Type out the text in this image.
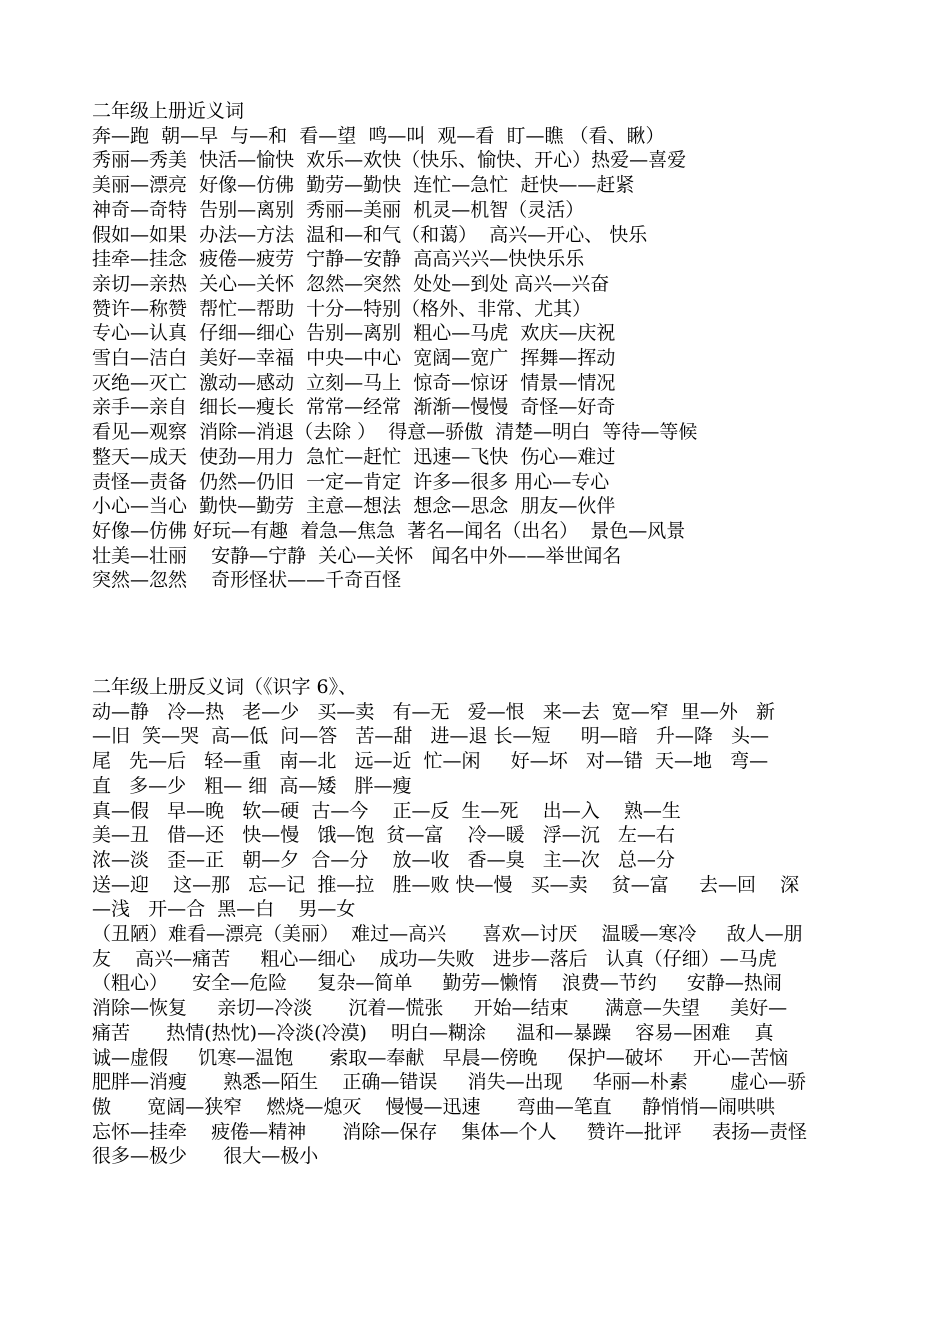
二年级上册近义词
奔—跑  朝—早  与—和  看—望  鸣—叫  观—看  盯—瞧 （看、瞅）
秀丽—秀美  快活—愉快  欢乐—欢快（快乐、愉快、开心）热爱—喜爱
美丽—漂亮  好像—仿佛  勤劳—勤快  连忙—急忙  赶快——赶紧
神奇—奇特  告别—离别  秀丽—美丽  机灵—机智（灵活）
假如—如果  办法—方法  温和—和气（和蔼）  高兴—开心、 快乐
挂牵—挂念  疲倦—疲劳  宁静—安静  高高兴兴—快快乐乐
亲切—亲热  关心—关怀  忽然—突然  处处—到处 高兴—兴奋
赞许—称赞  帮忙—帮助  十分—特别（格外、非常、尤其）
专心—认真  仔细—细心  告别—离别  粗心—马虎  欢庆—庆祝
雪白—洁白  美好—幸福  中央—中心  宽阔—宽广  挥舞—挥动
灭绝—灭亡  激动—感动  立刻—马上  惊奇—惊讶  情景—情况
亲手—亲自  细长—瘦长  常常—经常  渐渐—慢慢  奇怪—好奇
看见—观察  消除—消退（去除 ）  得意—骄傲  清楚—明白  等待—等候
整天—成天  使劲—用力  急忙—赶忙  迅速—飞快  伤心—难过
责怪—责备  仍然—仍旧  一定—肯定  许多—很多 用心—专心
小心—当心  勤快—勤劳  主意—想法  想念—思念  朋友—伙伴
好像—仿佛 好玩—有趣  着急—焦急  著名—闻名（出名）  景色—风景
壮美—壮丽    安静—宁静  关心—关怀   闻名中外——举世闻名
突然—忽然    奇形怪状——千奇百怪
二年级上册反义词（《识字 6》、
动—静   冷—热   老—少   买—卖   有—无   爱—恨   来—去  宽—窄  里—外   新
—旧  笑—哭  高—低  问—答   苦—甜   进—退 长—短     明—暗   升—降   头—
尾   先—后   轻—重   南—北   远—近  忙—闲     好—坏   对—错  天—地   弯—
直   多—少   粗— 细  高—矮   胖—瘦
真—假   早—晚   软—硬  古—今    正—反  生—死    出—入    熟—生
美—丑   借—还   快—慢   饿—饱  贫—富    冷—暖   浮—沉   左—右
浓—淡   歪—正   朝—夕  合—分    放—收   香—臭   主—次   总—分
送—迎    这—那   忘—记  推—拉   胜—败 快—慢   买—卖    贫—富     去—回    深
—浅   开—合  黑—白    男—女
（丑陋）难看—漂亮（美丽）  难过—高兴      喜欢—讨厌    温暖—寒冷     敌人—朋
友    高兴—痛苦     粗心—细心    成功—失败   进步—落后   认真（仔细）—马虎
（粗心）    安全—危险     复杂—简单     勤劳—懒惰    浪费—节约     安静—热闹
消除—恢复     亲切—冷淡      沉着—慌张     开始—结束      满意—失望     美好—
痛苦      热情(热忱)—冷淡(冷漠)    明白—糊涂     温和—暴躁    容易—困难    真
诚—虚假     饥寒—温饱      索取—奉献   早晨—傍晚     保护—破坏     开心—苦恼
肥胖—消瘦      熟悉—陌生    正确—错误     消失—出现     华丽—朴素       虚心—骄
傲      宽阔—狭窄    燃烧—熄灭    慢慢—迅速      弯曲—笔直     静悄悄—闹哄哄
忘怀—挂牵    疲倦—精神      消除—保存    集体—个人     赞许—批评     表扬—责怪
很多—极少      很大—极小
